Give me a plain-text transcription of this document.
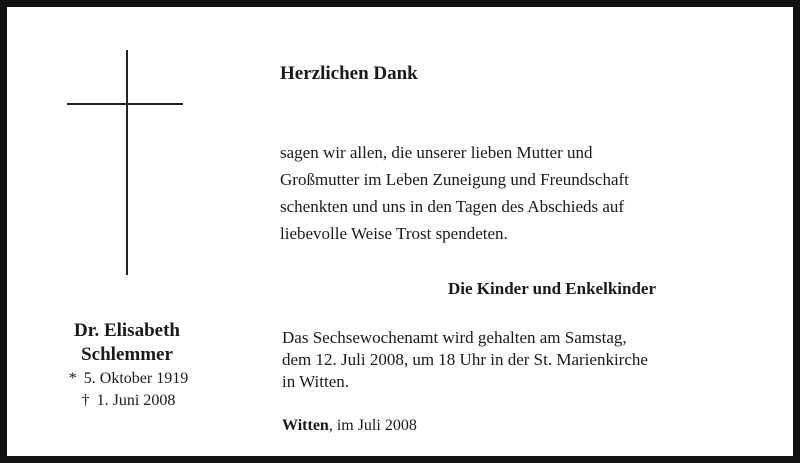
Dr. Elisabeth
Schlemmer
* 5. Oktober 1919
† 1. Juni 2008
Herzlichen Dank
sagen wir allen, die unserer lieben Mutter und
Großmutter im Leben Zuneigung und Freundschaft
schenkten und uns in den Tagen des Abschieds auf
liebevolle Weise Trost spendeten.
Die Kinder und Enkelkinder
Das Sechsewochenamt wird gehalten am Samstag,
dem 12. Juli 2008, um 18 Uhr in der St. Marienkirche
in Witten.
Witten, im Juli 2008
